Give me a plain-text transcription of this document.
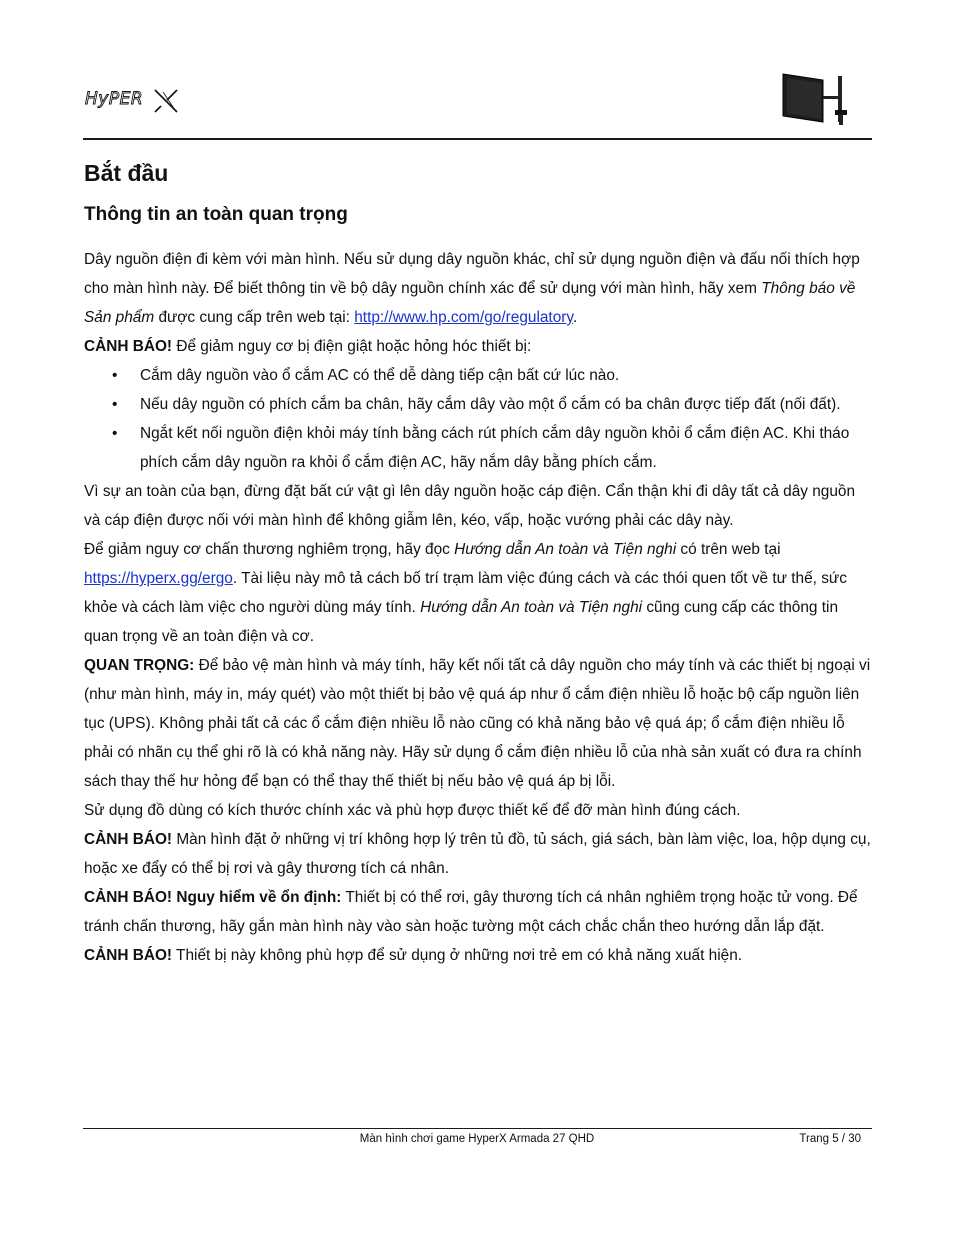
HyPER
Bắt đầu
Thông tin an toàn quan trọng

Dây nguồn điện đi kèm với màn hình. Nếu sử dụng dây nguồn khác, chỉ sử dụng nguồn điện và đấu nối thích hợp cho màn hình này. Để biết thông tin về bộ dây nguồn chính xác để sử dụng với màn hình, hãy xem Thông báo về Sản phẩm được cung cấp trên web tại: http://www.hp.com/go/regulatory.

CẢNH BÁO! Để giảm nguy cơ bị điện giật hoặc hỏng hóc thiết bị:

• Cắm dây nguồn vào ổ cắm AC có thể dễ dàng tiếp cận bất cứ lúc nào.
• Nếu dây nguồn có phích cắm ba chân, hãy cắm dây vào một ổ cắm có ba chân được tiếp đất (nối đất).
• Ngắt kết nối nguồn điện khỏi máy tính bằng cách rút phích cắm dây nguồn khỏi ổ cắm điện AC. Khi tháo phích cắm dây nguồn ra khỏi ổ cắm điện AC, hãy nắm dây bằng phích cắm.

Vì sự an toàn của bạn, đừng đặt bất cứ vật gì lên dây nguồn hoặc cáp điện. Cẩn thận khi đi dây tất cả dây nguồn và cáp điện được nối với màn hình để không giẫm lên, kéo, vấp, hoặc vướng phải các dây này.

Để giảm nguy cơ chấn thương nghiêm trọng, hãy đọc Hướng dẫn An toàn và Tiện nghi có trên web tại https://hyperx.gg/ergo. Tài liệu này mô tả cách bố trí trạm làm việc đúng cách và các thói quen tốt về tư thế, sức khỏe và cách làm việc cho người dùng máy tính. Hướng dẫn An toàn và Tiện nghi cũng cung cấp các thông tin quan trọng về an toàn điện và cơ.

QUAN TRỌNG: Để bảo vệ màn hình và máy tính, hãy kết nối tất cả dây nguồn cho máy tính và các thiết bị ngoại vi (như màn hình, máy in, máy quét) vào một thiết bị bảo vệ quá áp như ổ cắm điện nhiều lỗ hoặc bộ cấp nguồn liên tục (UPS). Không phải tất cả các ổ cắm điện nhiều lỗ nào cũng có khả năng bảo vệ quá áp; ổ cắm điện nhiều lỗ phải có nhãn cụ thể ghi rõ là có khả năng này. Hãy sử dụng ổ cắm điện nhiều lỗ của nhà sản xuất có đưa ra chính sách thay thế hư hỏng để bạn có thể thay thế thiết bị nếu bảo vệ quá áp bị lỗi.

Sử dụng đồ dùng có kích thước chính xác và phù hợp được thiết kế để đỡ màn hình đúng cách.

CẢNH BÁO! Màn hình đặt ở những vị trí không hợp lý trên tủ đồ, tủ sách, giá sách, bàn làm việc, loa, hộp dụng cụ, hoặc xe đẩy có thể bị rơi và gây thương tích cá nhân.

CẢNH BÁO! Nguy hiểm về ổn định: Thiết bị có thể rơi, gây thương tích cá nhân nghiêm trọng hoặc tử vong. Để tránh chấn thương, hãy gắn màn hình này vào sàn hoặc tường một cách chắc chắn theo hướng dẫn lắp đặt.

CẢNH BÁO! Thiết bị này không phù hợp để sử dụng ở những nơi trẻ em có khả năng xuất hiện.

Màn hình chơi game HyperX Armada 27 QHD	Trang 5 / 30
